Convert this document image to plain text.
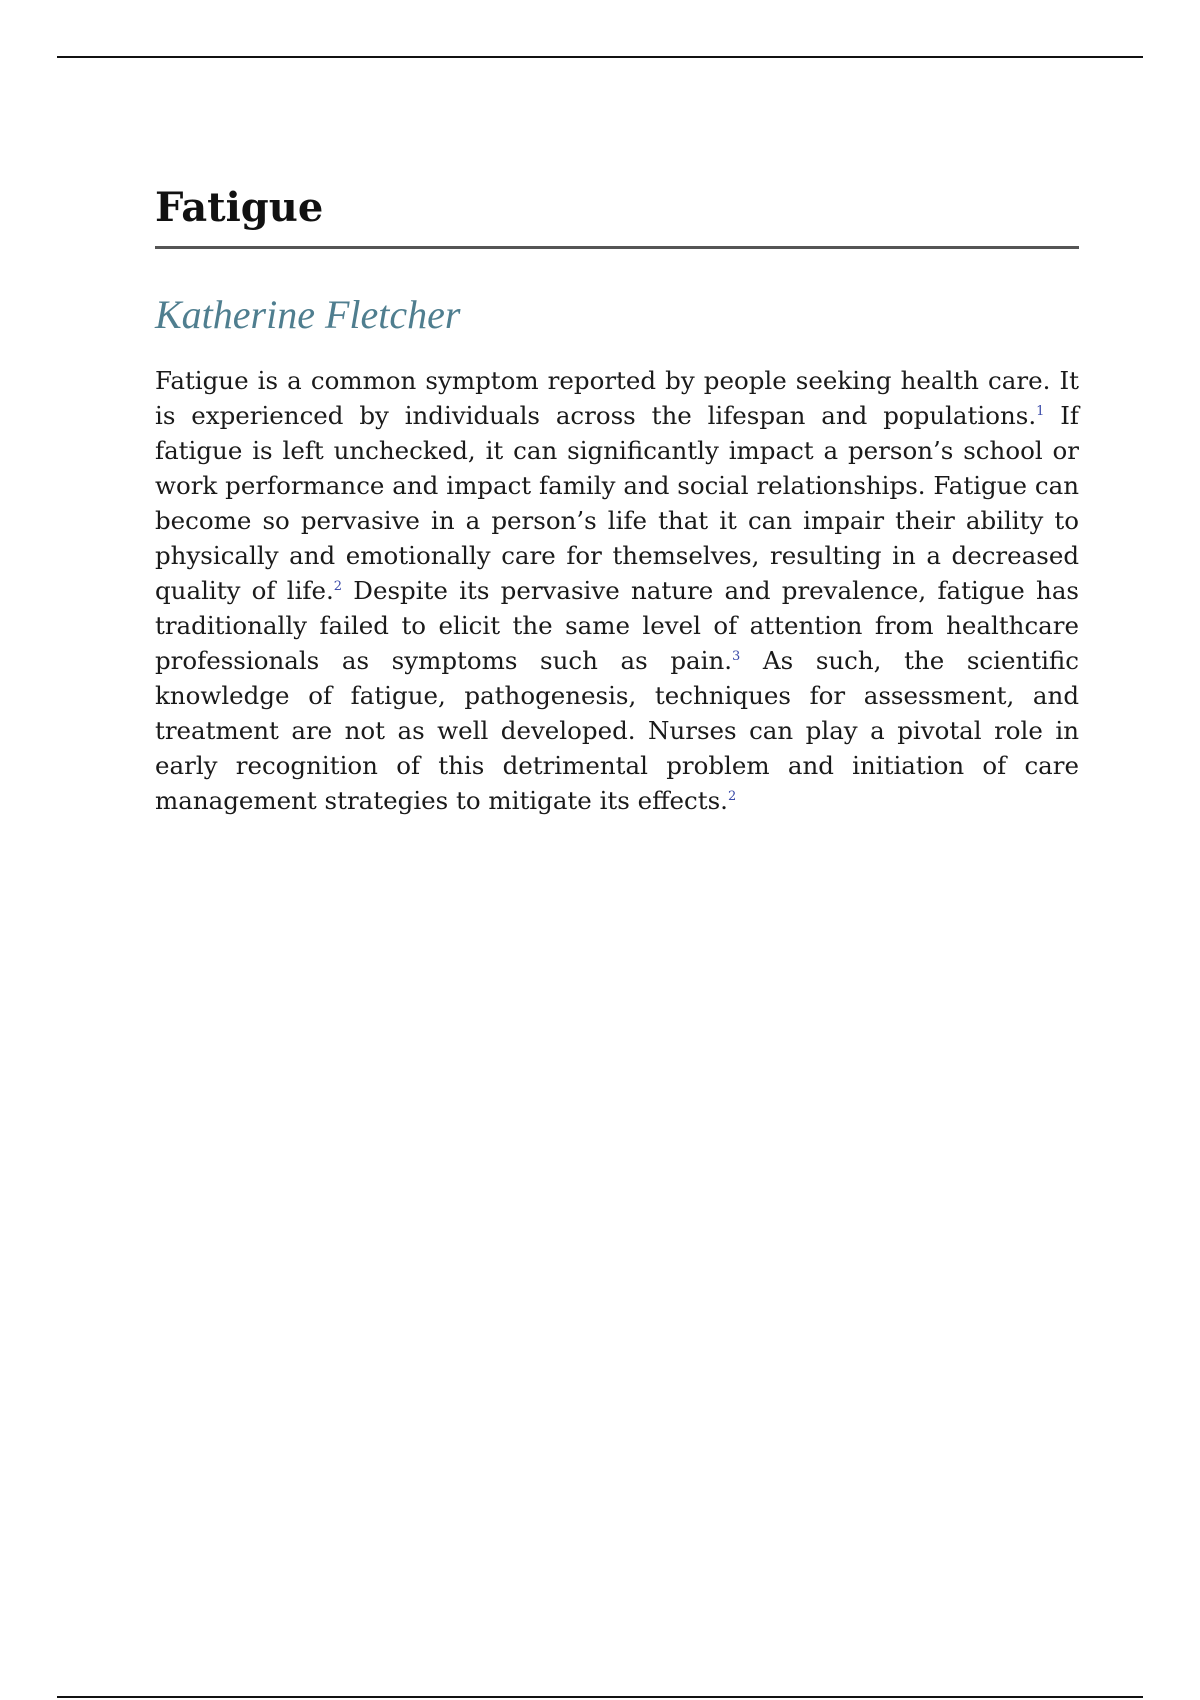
Fatigue
Katherine Fletcher

Fatigue is a common symptom reported by people seeking health care. It is experienced by individuals across the lifespan and populations.$^1$ If fatigue is left unchecked, it can significantly impact a person’s school or work performance and impact family and social relationships. Fatigue can become so pervasive in a person’s life that it can impair their ability to physically and emotionally care for themselves, resulting in a decreased quality of life.$^2$ Despite its pervasive nature and prevalence, fatigue has traditionally failed to elicit the same level of attention from healthcare professionals as symptoms such as pain.$^3$ As such, the scientific knowledge of fatigue, pathogenesis, techniques for assessment, and treatment are not as well developed. Nurses can play a pivotal role in early recognition of this detrimental problem and initiation of care management strategies to mitigate its effects.$^2$
